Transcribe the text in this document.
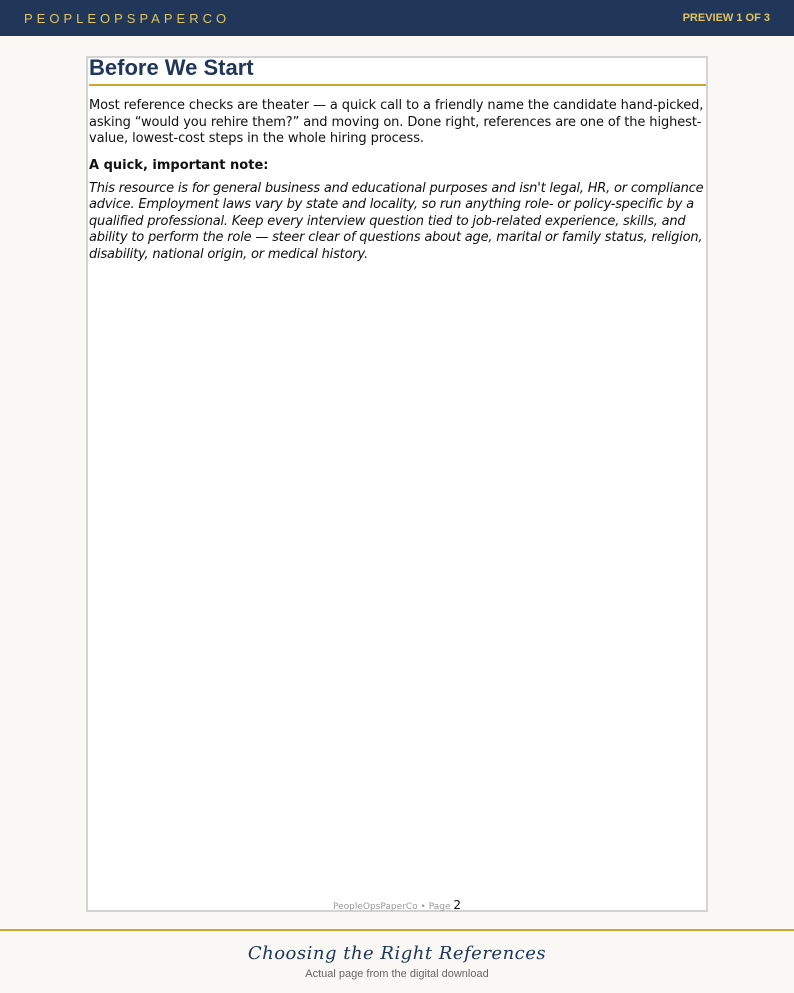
PEOPLEOPSPAPERCO	PREVIEW 1 OF 3
Before We Start

Most reference checks are theater — a quick call to a friendly name the candidate hand-picked, asking “would you rehire them?” and moving on. Done right, references are one of the highest-value, lowest-cost steps in the whole hiring process.

A quick, important note:

This resource is for general business and educational purposes and isn't legal, HR, or compliance advice. Employment laws vary by state and locality, so run anything role- or policy-specific by a qualified professional. Keep every interview question tied to job-related experience, skills, and ability to perform the role — steer clear of questions about age, marital or family status, religion, disability, national origin, or medical history.

PeopleOpsPaperCo • Page 2
Choosing the Right References
Actual page from the digital download
